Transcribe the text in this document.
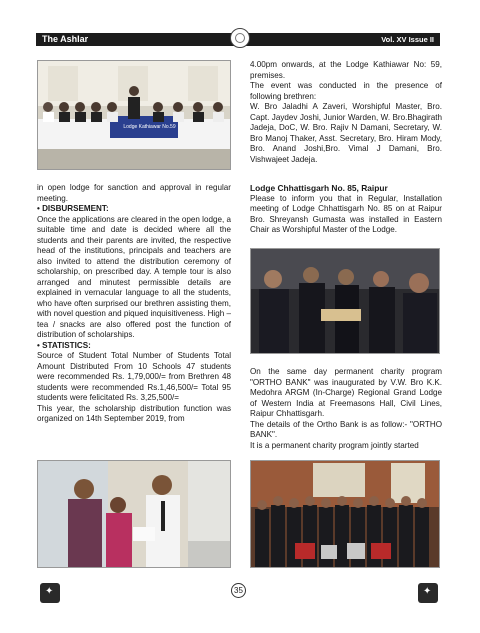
The Ashlar	Vol. XV Issue II
Lodge Kathiawar No.59

in open lodge for sanction and approval in regular meeting.

• DISBURSEMENT:

Once the applications are cleared in the open lodge, a suitable time and date is decided where all the students and their parents are invited, the respective head of the institutions, principals and teachers are also invited to attend the distribution ceremony of scholarship, on prescribed day. A temple tour is also arranged and minutest permissible details are explained in vernacular language to all the students, who have often surprised our brethren assisting them, with novel question and piqued inquisitiveness. High – tea / snacks are also offered post the function of distribution of scholarships.

• STATISTICS:

Source of Student Total Number of Students Total Amount Distributed From 10 Schools 47 students were recommended Rs. 1,79,000/= from Brethren 48 students were recommended Rs.1,46,500/= Total 95 students were felicitated Rs. 3,25,500/=

This year, the scholarship distribution function was organized on 14th September 2019, from

4.00pm onwards, at the Lodge Kathiawar No: 59, premises.

The event was conducted in the presence of following brethren:

W. Bro Jaladhi A Zaveri, Worshipful Master, Bro. Capt. Jaydev Joshi, Junior Warden, W. Bro.Bhagirath Jadeja, DoC, W. Bro. Rajiv N Damani, Secretary, W. Bro Manoj Thaker, Asst. Secretary, Bro. Hiram Mody, Bro. Anand Joshi,Bro. Vimal J Damani, Bro. Vishwajeet Jadeja.

Lodge Chhattisgarh No. 85, Raipur

Please to inform you that in Regular, Installation meeting of Lodge Chhattisgarh No. 85 on at Raipur Bro. Shreyansh Gumasta was installed in Eastern Chair as Worshipful Master of the Lodge.

On the same day permanent charity program "ORTHO BANK" was inaugurated by V.W. Bro K.K. Medohra ARGM (In-Charge) Regional Grand Lodge of Western India at Freemasons Hall, Civil Lines, Raipur Chhattisgarh.

The details of the Ortho Bank is as follow:- "ORTHO BANK".

It is a permanent charity program jointly started

✦
35
✦
